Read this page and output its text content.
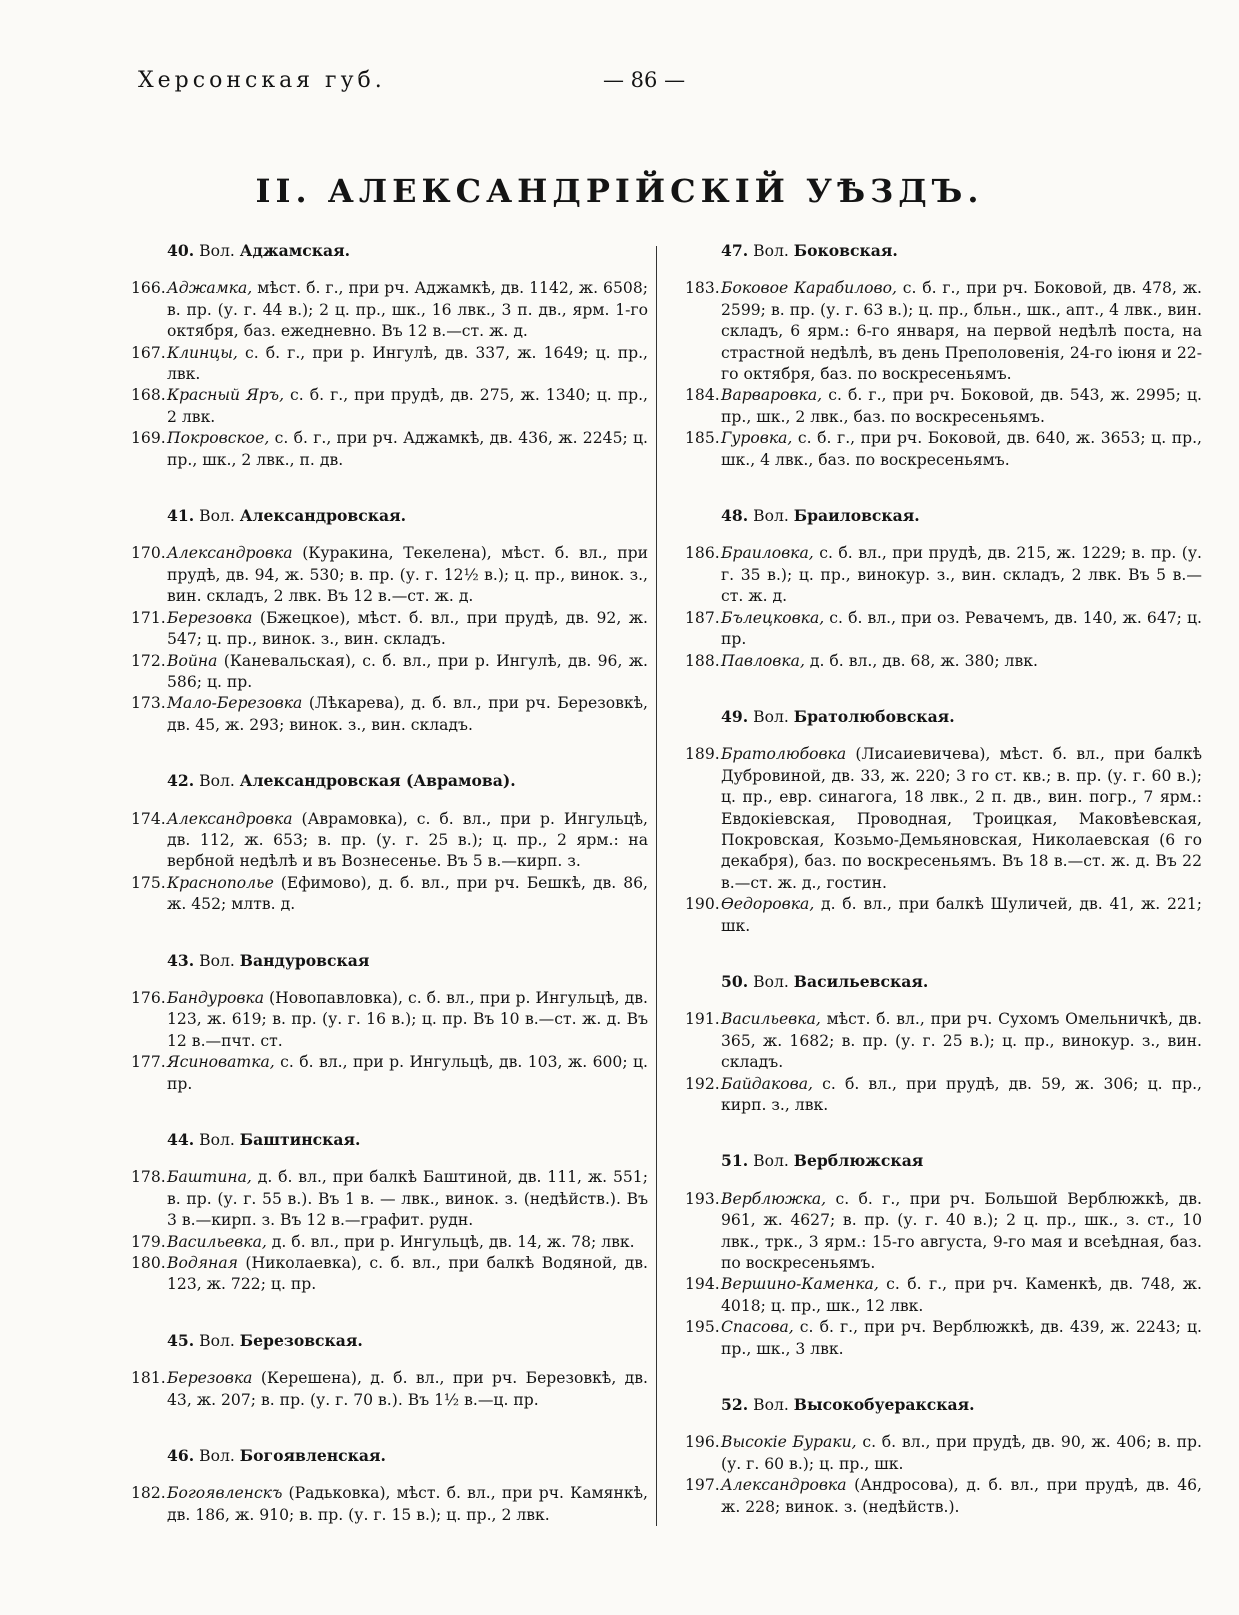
Херсонская губ.	— 86 —
II. АЛЕКСАНДРІЙСКІЙ УѢЗДЪ.
40. Вол. Аджамская.

166. Аджамка, мѣст. б. г., при рч. Аджамкѣ, дв. 1142, ж. 6508; в. пр. (у. г. 44 в.); 2 ц. пр., шк., 16 лвк., 3 п. дв., ярм. 1-го октября, баз. ежедневно. Въ 12 в.—ст. ж. д.

167. Клинцы, с. б. г., при р. Ингулѣ, дв. 337, ж. 1649; ц. пр., лвк.

168. Красный Яръ, с. б. г., при прудѣ, дв. 275, ж. 1340; ц. пр., 2 лвк.

169. Покровское, с. б. г., при рч. Аджамкѣ, дв. 436, ж. 2245; ц. пр., шк., 2 лвк., п. дв.

41. Вол. Александровская.

170. Александровка (Куракина, Текелена), мѣст. б. вл., при прудѣ, дв. 94, ж. 530; в. пр. (у. г. 12½ в.); ц. пр., винок. з., вин. складъ, 2 лвк. Въ 12 в.—ст. ж. д.

171. Березовка (Бжецкое), мѣст. б. вл., при прудѣ, дв. 92, ж. 547; ц. пр., винок. з., вин. складъ.

172. Война (Каневальская), с. б. вл., при р. Ингулѣ, дв. 96, ж. 586; ц. пр.

173. Мало-Березовка (Лѣкарева), д. б. вл., при рч. Березовкѣ, дв. 45, ж. 293; винок. з., вин. складъ.

42. Вол. Александровская (Аврамова).

174. Александровка (Аврамовка), с. б. вл., при р. Ингульцѣ, дв. 112, ж. 653; в. пр. (у. г. 25 в.); ц. пр., 2 ярм.: на вербной недѣлѣ и въ Вознесенье. Въ 5 в.—кирп. з.

175. Краснополье (Ефимово), д. б. вл., при рч. Бешкѣ, дв. 86, ж. 452; млтв. д.

43. Вол. Вандуровская

176. Бандуровка (Новопавловка), с. б. вл., при р. Ингульцѣ, дв. 123, ж. 619; в. пр. (у. г. 16 в.); ц. пр. Въ 10 в.—ст. ж. д. Въ 12 в.—пчт. ст.

177. Ясиноватка, с. б. вл., при р. Ингульцѣ, дв. 103, ж. 600; ц. пр.

44. Вол. Баштинская.

178. Баштина, д. б. вл., при балкѣ Баштиной, дв. 111, ж. 551; в. пр. (у. г. 55 в.). Въ 1 в. — лвк., винок. з. (недѣйств.). Въ 3 в.—кирп. з. Въ 12 в.—графит. рудн.

179. Васильевка, д. б. вл., при р. Ингульцѣ, дв. 14, ж. 78; лвк.

180. Водяная (Николаевка), с. б. вл., при балкѣ Водяной, дв. 123, ж. 722; ц. пр.

45. Вол. Березовская.

181. Березовка (Керешена), д. б. вл., при рч. Березовкѣ, дв. 43, ж. 207; в. пр. (у. г. 70 в.). Въ 1½ в.—ц. пр.

46. Вол. Богоявленская.

182. Богоявленскъ (Радьковка), мѣст. б. вл., при рч. Камянкѣ, дв. 186, ж. 910; в. пр. (у. г. 15 в.); ц. пр., 2 лвк.

47. Вол. Боковская.

183. Боковое Карабилово, с. б. г., при рч. Боковой, дв. 478, ж. 2599; в. пр. (у. г. 63 в.); ц. пр., бльн., шк., апт., 4 лвк., вин. складъ, 6 ярм.: 6-го января, на первой недѣлѣ поста, на страстной недѣлѣ, въ день Преполовенія, 24-го іюня и 22-го октября, баз. по воскресеньямъ.

184. Варваровка, с. б. г., при рч. Боковой, дв. 543, ж. 2995; ц. пр., шк., 2 лвк., баз. по воскресеньямъ.

185. Гуровка, с. б. г., при рч. Боковой, дв. 640, ж. 3653; ц. пр., шк., 4 лвк., баз. по воскресеньямъ.

48. Вол. Браиловская.

186. Браиловка, с. б. вл., при прудѣ, дв. 215, ж. 1229; в. пр. (у. г. 35 в.); ц. пр., винокур. з., вин. складъ, 2 лвк. Въ 5 в.—ст. ж. д.

187. Бълецковка, с. б. вл., при оз. Ревачемъ, дв. 140, ж. 647; ц. пр.

188. Павловка, д. б. вл., дв. 68, ж. 380; лвк.

49. Вол. Братолюбовская.

189. Братолюбовка (Лисаиевичева), мѣст. б. вл., при балкѣ Дубровиной, дв. 33, ж. 220; 3 го ст. кв.; в. пр. (у. г. 60 в.); ц. пр., евр. синагога, 18 лвк., 2 п. дв., вин. погр., 7 ярм.: Евдокіевская, Проводная, Троицкая, Маковѣевская, Покровская, Козьмо-Демьяновская, Николаевская (6 го декабря), баз. по воскресеньямъ. Въ 18 в.—ст. ж. д. Въ 22 в.—ст. ж. д., гостин.

190. Өедоровка, д. б. вл., при балкѣ Шуличей, дв. 41, ж. 221; шк.

50. Вол. Васильевская.

191. Васильевка, мѣст. б. вл., при рч. Сухомъ Омельничкѣ, дв. 365, ж. 1682; в. пр. (у. г. 25 в.); ц. пр., винокур. з., вин. складъ.

192. Байдакова, с. б. вл., при прудѣ, дв. 59, ж. 306; ц. пр., кирп. з., лвк.

51. Вол. Верблюжская

193. Верблюжка, с. б. г., при рч. Большой Верблюжкѣ, дв. 961, ж. 4627; в. пр. (у. г. 40 в.); 2 ц. пр., шк., з. ст., 10 лвк., трк., 3 ярм.: 15-го августа, 9-го мая и всеѣдная, баз. по воскресеньямъ.

194. Вершино-Каменка, с. б. г., при рч. Каменкѣ, дв. 748, ж. 4018; ц. пр., шк., 12 лвк.

195. Спасова, с. б. г., при рч. Верблюжкѣ, дв. 439, ж. 2243; ц. пр., шк., 3 лвк.

52. Вол. Высокобуеракская.

196. Высокіе Бураки, с. б. вл., при прудѣ, дв. 90, ж. 406; в. пр. (у. г. 60 в.); ц. пр., шк.

197. Александровка (Андросова), д. б. вл., при прудѣ, дв. 46, ж. 228; винок. з. (недѣйств.).
